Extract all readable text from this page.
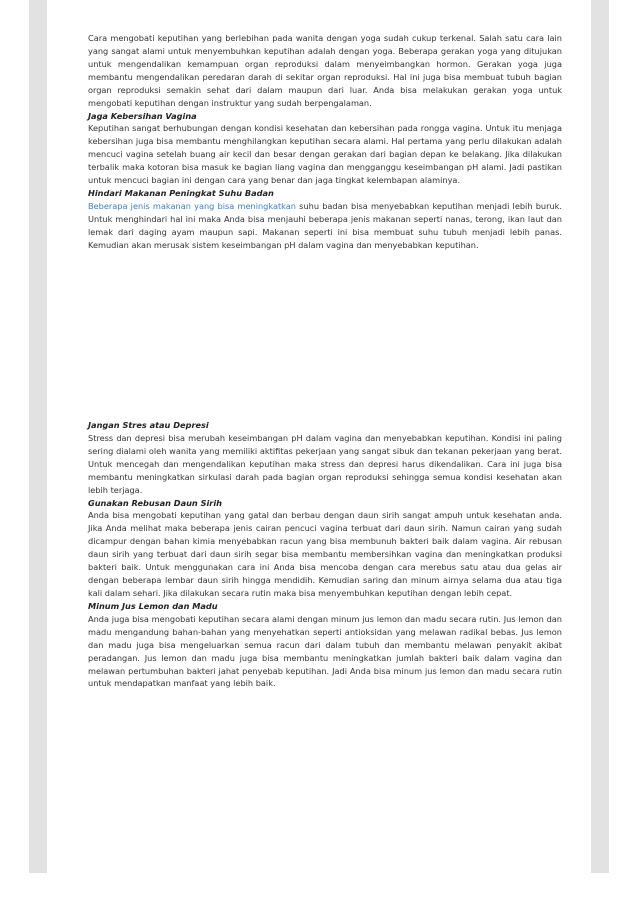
Cara mengobati keputihan yang berlebihan pada wanita dengan yoga sudah cukup terkenal. Salah satu cara lain yang sangat alami untuk menyembuhkan keputihan adalah dengan yoga. Beberapa gerakan yoga yang ditujukan untuk mengendalikan kemampuan organ reproduksi dalam menyeimbangkan hormon. Gerakan yoga juga membantu mengendalikan peredaran darah di sekitar organ reproduksi. Hal ini juga bisa membuat tubuh bagian organ reproduksi semakin sehat dari dalam maupun dari luar. Anda bisa melakukan gerakan yoga untuk mengobati keputihan dengan instruktur yang sudah berpengalaman.

Jaga Kebersihan Vagina

Keputihan sangat berhubungan dengan kondisi kesehatan dan kebersihan pada rongga vagina. Untuk itu menjaga kebersihan juga bisa membantu menghilangkan keputihan secara alami. Hal pertama yang perlu dilakukan adalah mencuci vagina setelah buang air kecil dan besar dengan gerakan dari bagian depan ke belakang. Jika dilakukan terbalik maka kotoran bisa masuk ke bagian liang vagina dan mengganggu keseimbangan pH alami. Jadi pastikan untuk mencuci bagian ini dengan cara yang benar dan jaga tingkat kelembapan alaminya.

Hindari Makanan Peningkat Suhu Badan

Beberapa jenis makanan yang bisa meningkatkan suhu badan bisa menyebabkan keputihan menjadi lebih buruk. Untuk menghindari hal ini maka Anda bisa menjauhi beberapa jenis makanan seperti nanas, terong, ikan laut dan lemak dari daging ayam maupun sapi. Makanan seperti ini bisa membuat suhu tubuh menjadi lebih panas. Kemudian akan merusak sistem keseimbangan pH dalam vagina dan menyebabkan keputihan.

Jangan Stres atau Depresi

Stress dan depresi bisa merubah keseimbangan pH dalam vagina dan menyebabkan keputihan. Kondisi ini paling sering dialami oleh wanita yang memiliki aktifitas pekerjaan yang sangat sibuk dan tekanan pekerjaan yang berat. Untuk mencegah dan mengendalikan keputihan maka stress dan depresi harus dikendalikan. Cara ini juga bisa membantu meningkatkan sirkulasi darah pada bagian organ reproduksi sehingga semua kondisi kesehatan akan lebih terjaga.

Gunakan Rebusan Daun Sirih

Anda bisa mengobati keputihan yang gatal dan berbau dengan daun sirih sangat ampuh untuk kesehatan anda. Jika Anda melihat maka beberapa jenis cairan pencuci vagina terbuat dari daun sirih. Namun cairan yang sudah dicampur dengan bahan kimia menyebabkan racun yang bisa membunuh bakteri baik dalam vagina. Air rebusan daun sirih yang terbuat dari daun sirih segar bisa membantu membersihkan vagina dan meningkatkan produksi bakteri baik. Untuk menggunakan cara ini Anda bisa mencoba dengan cara merebus satu atau dua gelas air dengan beberapa lembar daun sirih hingga mendidih. Kemudian saring dan minum airnya selama dua atau tiga kali dalam sehari. Jika dilakukan secara rutin maka bisa menyembuhkan keputihan dengan lebih cepat.

Minum Jus Lemon dan Madu

Anda juga bisa mengobati keputihan secara alami dengan minum jus lemon dan madu secara rutin. Jus lemon dan madu mengandung bahan-bahan yang menyehatkan seperti antioksidan yang melawan radikal bebas. Jus lemon dan madu juga bisa mengeluarkan semua racun dari dalam tubuh dan membantu melawan penyakit akibat peradangan. Jus lemon dan madu juga bisa membantu meningkatkan jumlah bakteri baik dalam vagina dan melawan pertumbuhan bakteri jahat penyebab keputihan. Jadi Anda bisa minum jus lemon dan madu secara rutin untuk mendapatkan manfaat yang lebih baik.
